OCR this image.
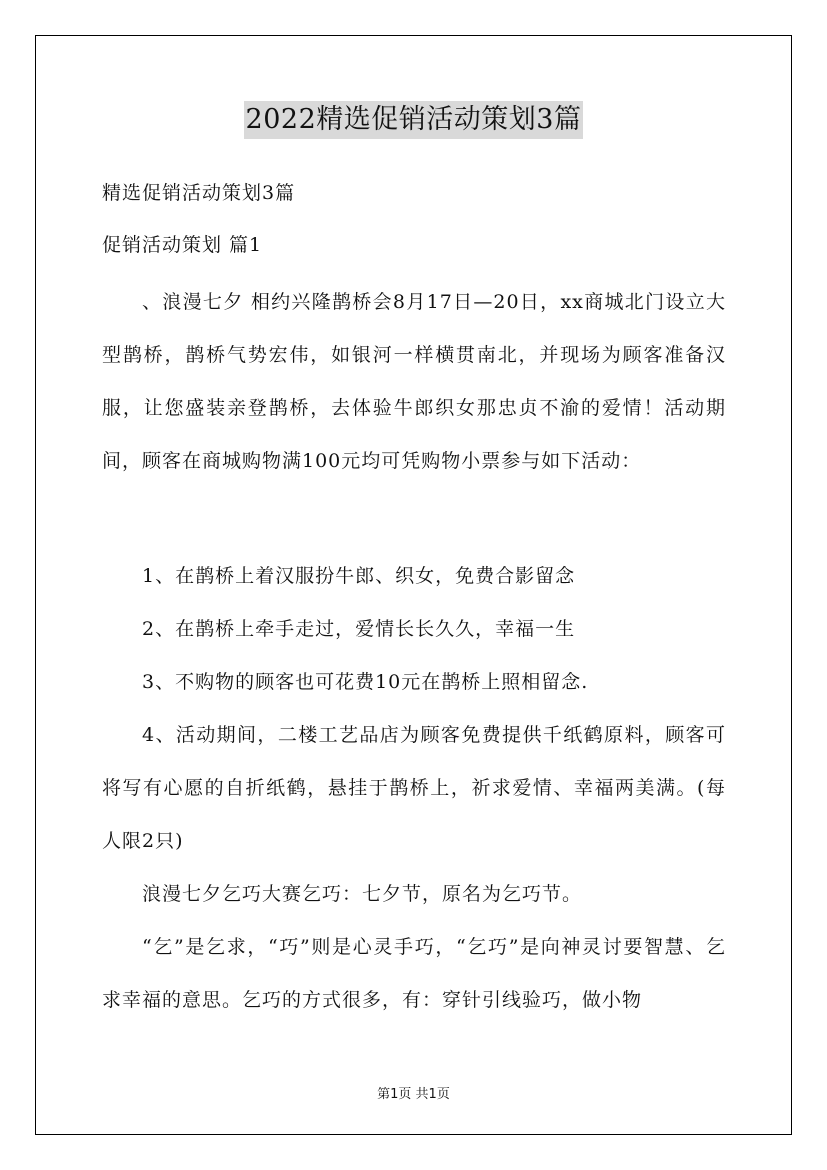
2022精选促销活动策划3篇

精选促销活动策划3篇

促销活动策划 篇1

、浪漫七夕 相约兴隆鹊桥会8月17日—20日，xx商城北门设立大型鹊桥，鹊桥气势宏伟，如银河一样横贯南北，并现场为顾客准备汉服，让您盛装亲登鹊桥，去体验牛郎织女那忠贞不渝的爱情！活动期间，顾客在商城购物满100元均可凭购物小票参与如下活动：

1、在鹊桥上着汉服扮牛郎、织女，免费合影留念

2、在鹊桥上牵手走过，爱情长长久久，幸福一生

3、不购物的顾客也可花费10元在鹊桥上照相留念.

4、活动期间，二楼工艺品店为顾客免费提供千纸鹤原料，顾客可将写有心愿的自折纸鹤，悬挂于鹊桥上，祈求爱情、幸福两美满。(每人限2只)

浪漫七夕乞巧大赛乞巧：七夕节，原名为乞巧节。

“乞”是乞求，“巧”则是心灵手巧，“乞巧”是向神灵讨要智慧、乞求幸福的意思。乞巧的方式很多，有：穿针引线验巧，做小物

第1页 共1页
